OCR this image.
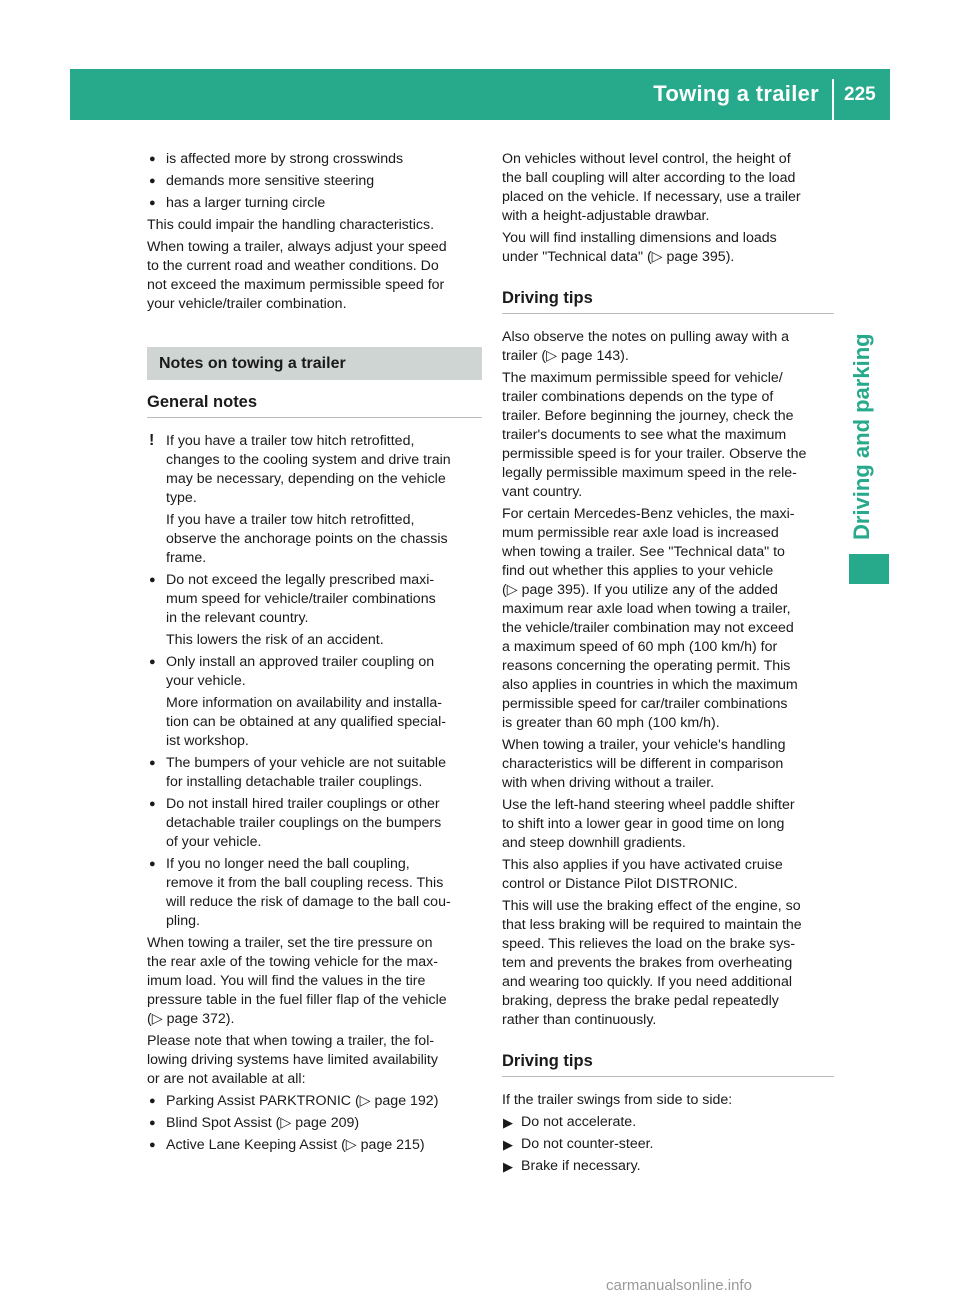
Towing a trailer 225
Driving and parking
● is affected more by strong crosswinds
● demands more sensitive steering
● has a larger turning circle
This could impair the handling characteristics.
When towing a trailer, always adjust your speed
to the current road and weather conditions. Do
not exceed the maximum permissible speed for
your vehicle/trailer combination.
Notes on towing a trailer
General notes
! If you have a trailer tow hitch retrofitted,
changes to the cooling system and drive train
may be necessary, depending on the vehicle
type.
If you have a trailer tow hitch retrofitted,
observe the anchorage points on the chassis
frame.
● Do not exceed the legally prescribed maxi-
mum speed for vehicle/trailer combinations
in the relevant country.
This lowers the risk of an accident.
● Only install an approved trailer coupling on
your vehicle.
More information on availability and installa-
tion can be obtained at any qualified special-
ist workshop.
● The bumpers of your vehicle are not suitable
for installing detachable trailer couplings.
● Do not install hired trailer couplings or other
detachable trailer couplings on the bumpers
of your vehicle.
● If you no longer need the ball coupling,
remove it from the ball coupling recess. This
will reduce the risk of damage to the ball cou-
pling.
When towing a trailer, set the tire pressure on
the rear axle of the towing vehicle for the max-
imum load. You will find the values in the tire
pressure table in the fuel filler flap of the vehicle
(▷ page 372).
Please note that when towing a trailer, the fol-
lowing driving systems have limited availability
or are not available at all:
● Parking Assist PARKTRONIC (▷ page 192)
● Blind Spot Assist (▷ page 209)
● Active Lane Keeping Assist (▷ page 215)
On vehicles without level control, the height of
the ball coupling will alter according to the load
placed on the vehicle. If necessary, use a trailer
with a height-adjustable drawbar.
You will find installing dimensions and loads
under "Technical data" (▷ page 395).
Driving tips
Also observe the notes on pulling away with a
trailer (▷ page 143).
The maximum permissible speed for vehicle/
trailer combinations depends on the type of
trailer. Before beginning the journey, check the
trailer's documents to see what the maximum
permissible speed is for your trailer. Observe the
legally permissible maximum speed in the rele-
vant country.
For certain Mercedes-Benz vehicles, the maxi-
mum permissible rear axle load is increased
when towing a trailer. See "Technical data" to
find out whether this applies to your vehicle
(▷ page 395). If you utilize any of the added
maximum rear axle load when towing a trailer,
the vehicle/trailer combination may not exceed
a maximum speed of 60 mph (100 km/h) for
reasons concerning the operating permit. This
also applies in countries in which the maximum
permissible speed for car/trailer combinations
is greater than 60 mph (100 km/h).
When towing a trailer, your vehicle's handling
characteristics will be different in comparison
with when driving without a trailer.
Use the left-hand steering wheel paddle shifter
to shift into a lower gear in good time on long
and steep downhill gradients.
This also applies if you have activated cruise
control or Distance Pilot DISTRONIC.
This will use the braking effect of the engine, so
that less braking will be required to maintain the
speed. This relieves the load on the brake sys-
tem and prevents the brakes from overheating
and wearing too quickly. If you need additional
braking, depress the brake pedal repeatedly
rather than continuously.
Driving tips
If the trailer swings from side to side:
▶ Do not accelerate.
▶ Do not counter-steer.
▶ Brake if necessary.
carmanualsonline.info
